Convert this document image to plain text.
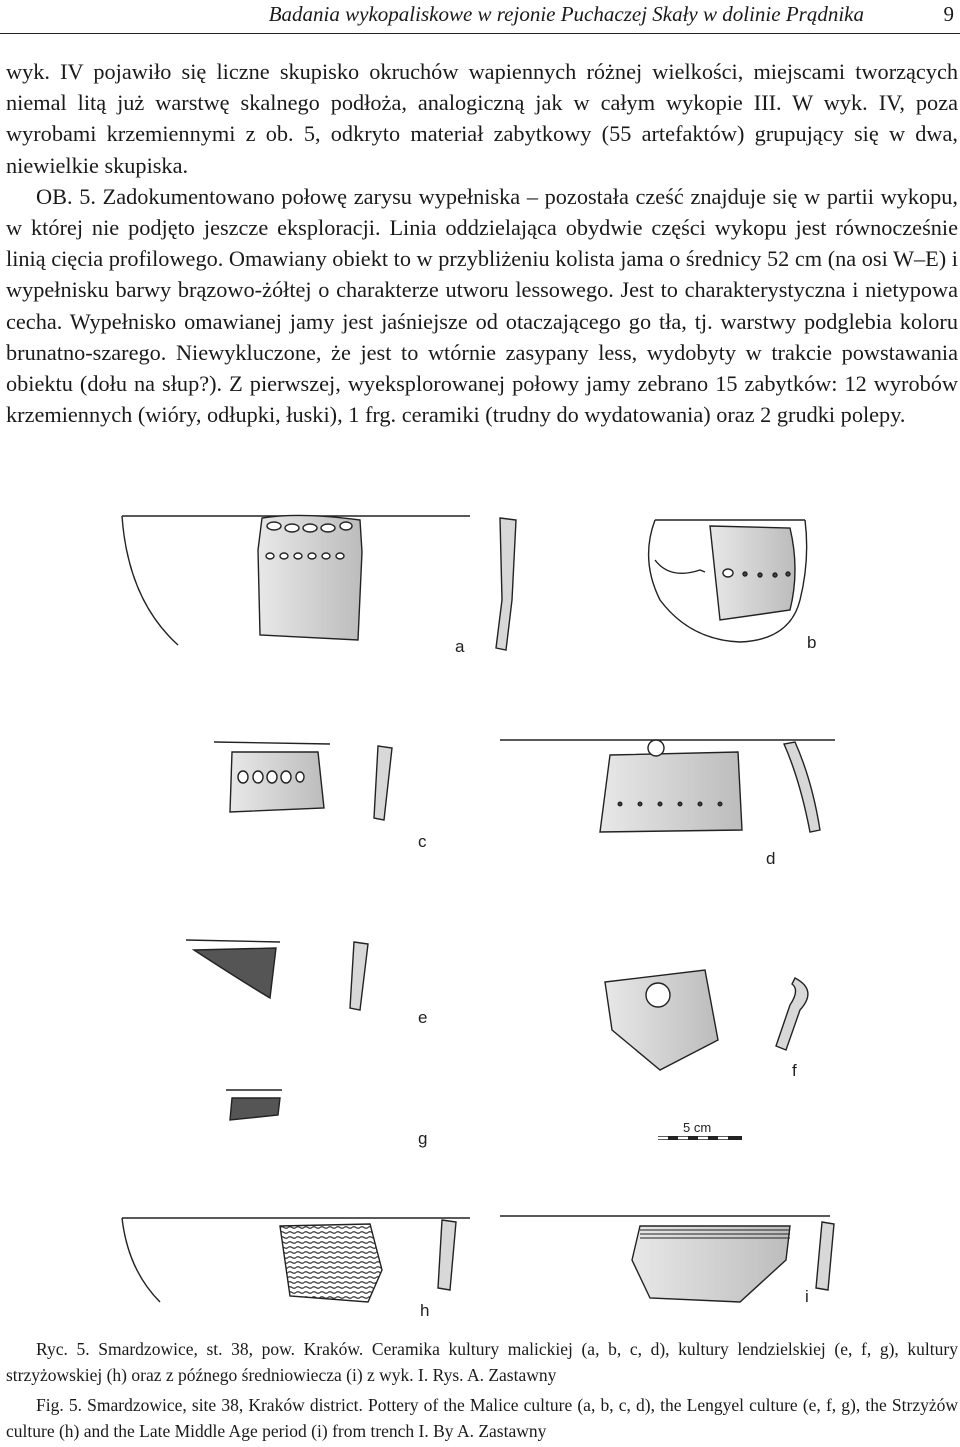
Badania wykopaliskowe w rejonie Puchaczej Skały w dolinie Prądnika	9

wyk. IV pojawiło się liczne skupisko okruchów wapiennych różnej wielkości, miejscami tworzących niemal litą już warstwę skalnego podłoża, analogiczną jak w całym wykopie III. W wyk. IV, poza wyrobami krzemiennymi z ob. 5, odkryto materiał zabytkowy (55 artefaktów) grupujący się w dwa, niewielkie skupiska.

OB. 5. Zadokumentowano połowę zarysu wypełniska – pozostała cześć znajduje się w partii wykopu, w której nie podjęto jeszcze eksploracji. Linia oddzielająca obydwie części wykopu jest równocześnie linią cięcia profilowego. Omawiany obiekt to w przybliżeniu kolista jama o średnicy 52 cm (na osi W–E) i wypełnisku barwy brązowo-żółtej o charakterze utworu lessowego. Jest to charakterystyczna i nietypowa cecha. Wypełnisko omawianej jamy jest jaśniejsze od otaczającego go tła, tj. warstwy podglebia koloru brunatno-szarego. Niewykluczone, że jest to wtórnie zasypany less, wydobyty w trakcie powstawania obiektu (dołu na słup?). Z pierwszej, wyeksplorowanej połowy jamy zebrano 15 zabytków: 12 wyrobów krzemiennych (wióry, odłupki, łuski), 1 frg. ceramiki (trudny do wydatowania) oraz 2 grudki polepy.

a	b
c
d
e
f
g
h
i
5 cm

Ryc. 5. Smardzowice, st. 38, pow. Kraków. Ceramika kultury malickiej (a, b, c, d), kultury lendzielskiej (e, f, g), kultury strzyżowskiej (h) oraz z późnego średniowiecza (i) z wyk. I. Rys. A. Zastawny

Fig. 5. Smardzowice, site 38, Kraków district. Pottery of the Malice culture (a, b, c, d), the Lengyel culture (e, f, g), the Strzyżów culture (h) and the Late Middle Age period (i) from trench I. By A. Zastawny
